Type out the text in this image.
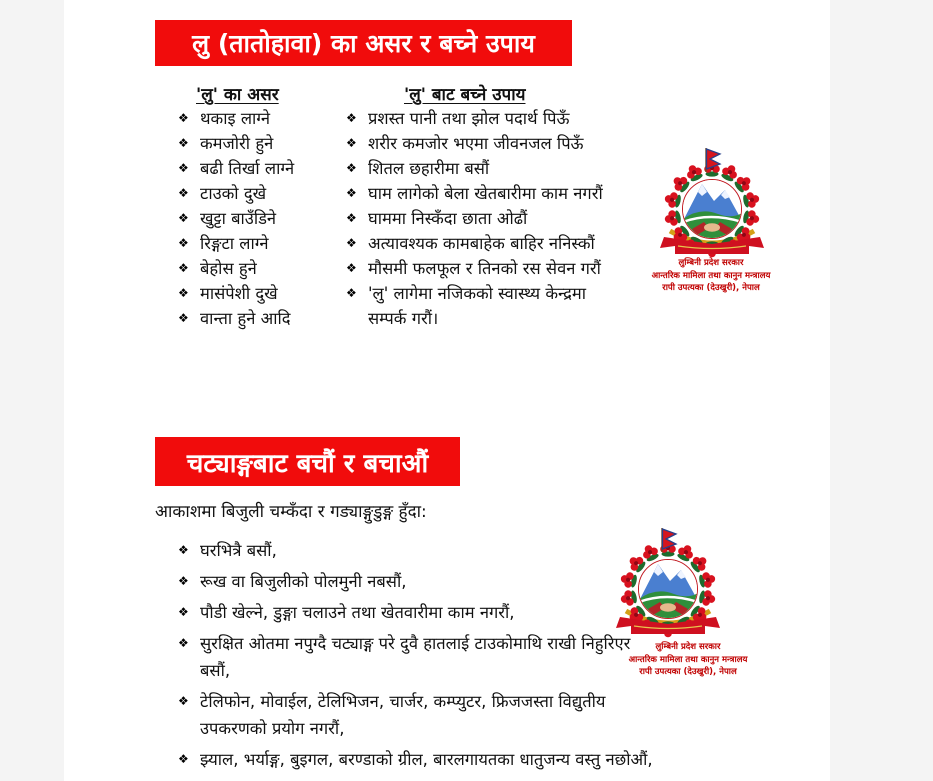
लु (तातोहावा) का असर र बच्ने उपाय
'लु' का असर	'लु' बाट बच्ने उपाय
❖ थकाइ लाग्ने	❖ प्रशस्त पानी तथा झोल पदार्थ पिऊँ
❖ कमजोरी हुने	❖ शरीर कमजोर भएमा जीवनजल पिऊँ
❖ बढी तिर्खा लाग्ने	❖ शितल छहारीमा बसौं
❖ टाउको दुखे	❖ घाम लागेको बेला खेतबारीमा काम नगरौं
❖ खुट्टा बाउँडिने	❖ घाममा निस्कँदा छाता ओढौं
❖ रिङ्गटा लाग्ने	❖ अत्यावश्यक कामबाहेक बाहिर ननिस्कौं
❖ बेहोस हुने	❖ मौसमी फलफूल र तिनको रस सेवन गरौं
❖ मासंपेशी दुखे
❖ वान्ता हुने आदि
❖ 'लु' लागेमा नजिकको स्वास्थ्य केन्द्रमा सम्पर्क गरौं।
लुम्बिनी प्रदेश सरकार
आन्तरिक मामिला तथा कानुन मन्त्रालय
रापी उपत्यका (देउखुरी), नेपाल
चट्याङ्गबाट बचौं र बचाऔं
आकाशमा बिजुली चम्कँदा र गड्याङ्गुडुङ्ग हुँदा:
❖ घरभित्रै बसौं,
❖ रूख वा बिजुलीको पोलमुनी नबसौं,
❖ पौडी खेल्ने, डुङ्गा चलाउने तथा खेतवारीमा काम नगरौं,
❖ सुरक्षित ओतमा नपुग्दै चट्याङ्ग परे दुवै हातलाई टाउकोमाथि राखी निहुरिएर बसौं,
❖ टेलिफोन, मोवाईल, टेलिभिजन, चार्जर, कम्प्युटर, फ्रिजजस्ता विद्युतीय उपकरणको प्रयोग नगरौं,
❖ झ्याल, भर्याङ्ग, बुइगल, बरण्डाको ग्रील, बारलगायतका धातुजन्य वस्तु नछोऔं,
लुम्बिनी प्रदेश सरकार
आन्तरिक मामिला तथा कानुन मन्त्रालय
रापी उपत्यका (देउखुरी), नेपाल
